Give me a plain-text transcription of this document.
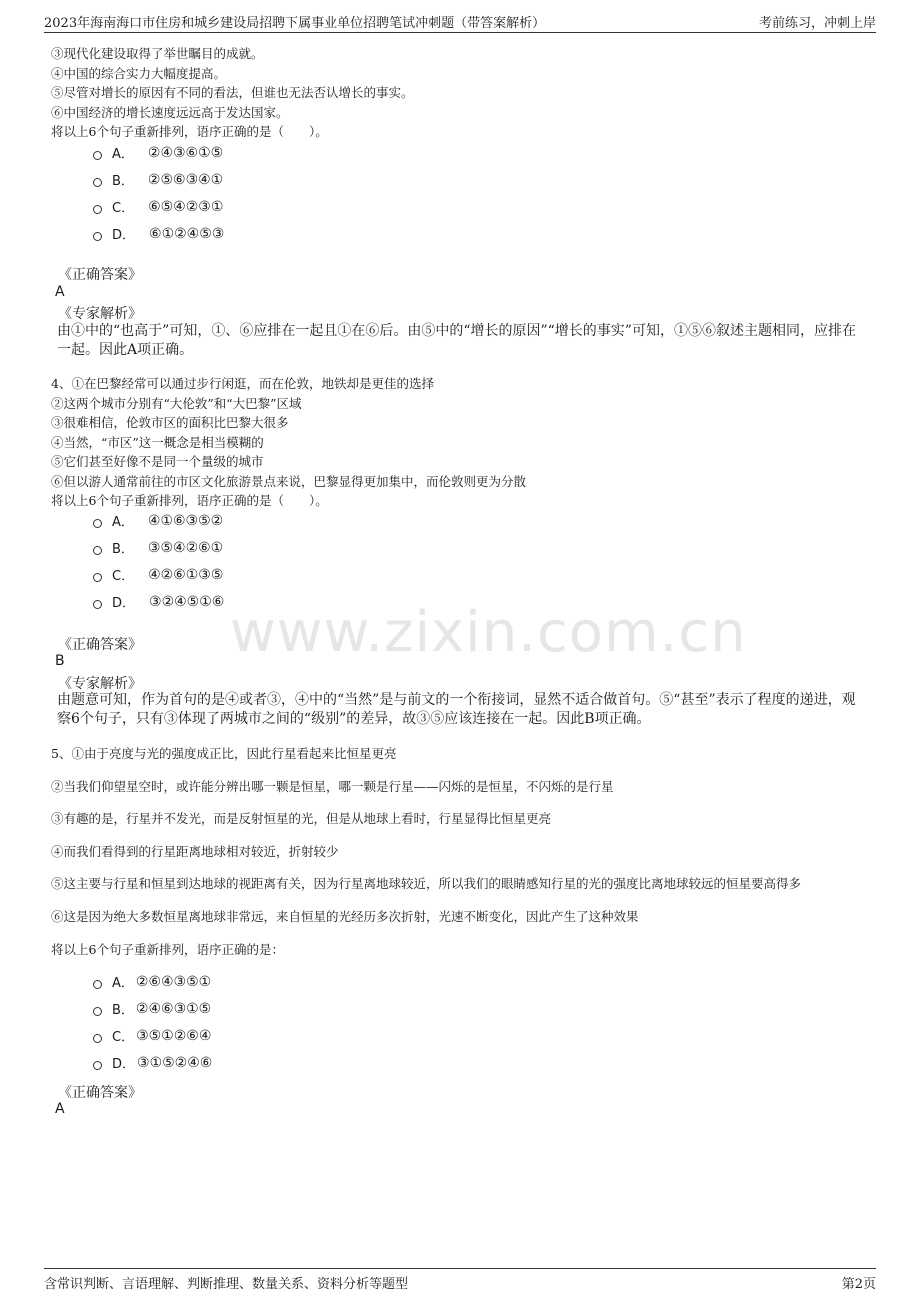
2023年海南海口市住房和城乡建设局招聘下属事业单位招聘笔试冲刺题（带答案解析）	考前练习，冲刺上岸
www.zixin.com.cn
③现代化建设取得了举世瞩目的成就。
④中国的综合实力大幅度提高。
⑤尽管对增长的原因有不同的看法，但谁也无法否认增长的事实。
⑥中国经济的增长速度远远高于发达国家。
将以上6个句子重新排列，语序正确的是（　　）。
A． ②④③⑥①⑤
B． ②⑤⑥③④①
C． ⑥⑤④②③①
D． ⑥①②④⑤③
《正确答案》
A
《专家解析》
由①中的“也高于”可知，①、⑥应排在一起且①在⑥后。由⑤中的“增长的原因”“增长的事实”可知，①⑤⑥叙述主题相同，应排在一起。因此A项正确。
4、①在巴黎经常可以通过步行闲逛，而在伦敦，地铁却是更佳的选择
②这两个城市分别有“大伦敦”和“大巴黎”区域
③很难相信，伦敦市区的面积比巴黎大很多
④当然，“市区”这一概念是相当模糊的
⑤它们甚至好像不是同一个量级的城市
⑥但以游人通常前往的市区文化旅游景点来说，巴黎显得更加集中，而伦敦则更为分散
将以上6个句子重新排列，语序正确的是（　　）。
A． ④①⑥③⑤②
B． ③⑤④②⑥①
C． ④②⑥①③⑤
D． ③②④⑤①⑥
《正确答案》
B
《专家解析》
由题意可知，作为首句的是④或者③，④中的“当然”是与前文的一个衔接词，显然不适合做首句。⑤“甚至”表示了程度的递进，观察6个句子，只有③体现了两城市之间的“级别”的差异，故③⑤应该连接在一起。因此B项正确。
5、①由于亮度与光的强度成正比，因此行星看起来比恒星更亮
②当我们仰望星空时，或许能分辨出哪一颗是恒星，哪一颗是行星——闪烁的是恒星，不闪烁的是行星
③有趣的是，行星并不发光，而是反射恒星的光，但是从地球上看时，行星显得比恒星更亮
④而我们看得到的行星距离地球相对较近，折射较少
⑤这主要与行星和恒星到达地球的视距离有关，因为行星离地球较近，所以我们的眼睛感知行星的光的强度比离地球较远的恒星要高得多
⑥这是因为绝大多数恒星离地球非常远，来自恒星的光经历多次折射，光速不断变化，因此产生了这种效果
将以上6个句子重新排列，语序正确的是：
A． ②⑥④③⑤①
B． ②④⑥③①⑤
C． ③⑤①②⑥④
D． ③①⑤②④⑥
《正确答案》
A
含常识判断、言语理解、判断推理、数量关系、资料分析等题型	第2页
